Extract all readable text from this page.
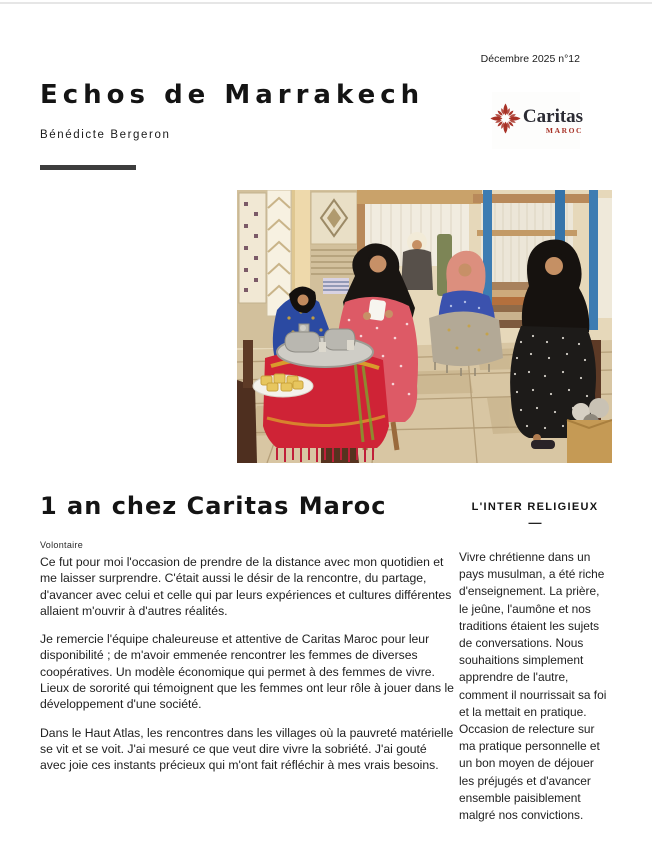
Décembre 2025 n°12
Echos de Marrakech
Bénédicte Bergeron
Caritas
MAROC
1 an chez Caritas Maroc
Volontaire

Ce fut pour moi l'occasion de prendre de la distance avec mon quotidien et me laisser surprendre. C'était aussi le désir de la rencontre, du partage, d'avancer avec celui et celle qui par leurs expériences et cultures différentes allaient m'ouvrir à d'autres réalités.

Je remercie l'équipe chaleureuse et attentive de Caritas Maroc pour leur disponibilité ; de m'avoir emmenée rencontrer les femmes de diverses coopératives. Un modèle économique qui permet à des femmes de vivre. Lieux de sororité qui témoignent que les femmes ont leur rôle à jouer dans le développement d'une société.

Dans le Haut Atlas, les rencontres dans les villages où la pauvreté matérielle se vit et se voit. J'ai mesuré ce que veut dire vivre la sobriété. J'ai gouté avec joie ces instants précieux qui m'ont fait réfléchir à mes vrais besoins.

L'INTER RELIGIEUX
—

Vivre chrétienne dans un pays musulman, a été riche d'enseignement. La prière, le jeûne, l'aumône et nos traditions étaient les sujets de conversations. Nous souhaitions simplement apprendre de l'autre, comment il nourrissait sa foi et la mettait en pratique. Occasion de relecture sur ma pratique personnelle et un bon moyen de déjouer les préjugés et d'avancer ensemble paisiblement malgré nos convictions.
